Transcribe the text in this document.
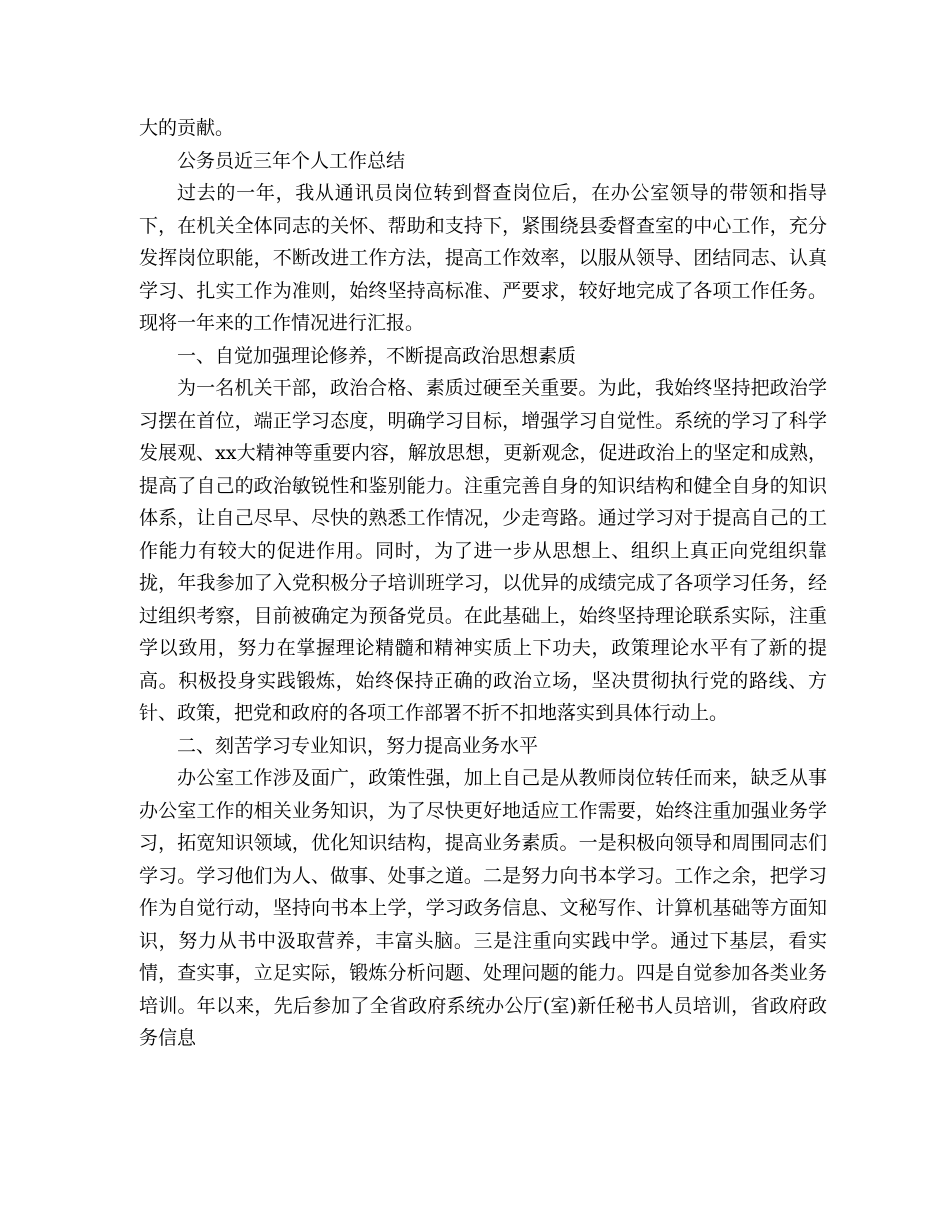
大的贡献。

公务员近三年个人工作总结

过去的一年，我从通讯员岗位转到督查岗位后，在办公室领导的带领和指导下，在机关全体同志的关怀、帮助和支持下，紧围绕县委督查室的中心工作，充分发挥岗位职能，不断改进工作方法，提高工作效率，以服从领导、团结同志、认真学习、扎实工作为准则，始终坚持高标准、严要求，较好地完成了各项工作任务。现将一年来的工作情况进行汇报。

一、自觉加强理论修养，不断提高政治思想素质

为一名机关干部，政治合格、素质过硬至关重要。为此，我始终坚持把政治学习摆在首位，端正学习态度，明确学习目标，增强学习自觉性。系统的学习了科学发展观、xx大精神等重要内容，解放思想，更新观念，促进政治上的坚定和成熟，提高了自己的政治敏锐性和鉴别能力。注重完善自身的知识结构和健全自身的知识体系，让自己尽早、尽快的熟悉工作情况，少走弯路。通过学习对于提高自己的工作能力有较大的促进作用。同时，为了进一步从思想上、组织上真正向党组织靠拢，年我参加了入党积极分子培训班学习，以优异的成绩完成了各项学习任务，经过组织考察，目前被确定为预备党员。在此基础上，始终坚持理论联系实际，注重学以致用，努力在掌握理论精髓和精神实质上下功夫，政策理论水平有了新的提高。积极投身实践锻炼，始终保持正确的政治立场，坚决贯彻执行党的路线、方针、政策，把党和政府的各项工作部署不折不扣地落实到具体行动上。

二、刻苦学习专业知识，努力提高业务水平

办公室工作涉及面广，政策性强，加上自己是从教师岗位转任而来，缺乏从事办公室工作的相关业务知识，为了尽快更好地适应工作需要，始终注重加强业务学习，拓宽知识领域，优化知识结构，提高业务素质。一是积极向领导和周围同志们学习。学习他们为人、做事、处事之道。二是努力向书本学习。工作之余，把学习作为自觉行动，坚持向书本上学，学习政务信息、文秘写作、计算机基础等方面知识，努力从书中汲取营养，丰富头脑。三是注重向实践中学。通过下基层，看实情，查实事，立足实际，锻炼分析问题、处理问题的能力。四是自觉参加各类业务培训。年以来，先后参加了全省政府系统办公厅(室)新任秘书人员培训，省政府政务信息
